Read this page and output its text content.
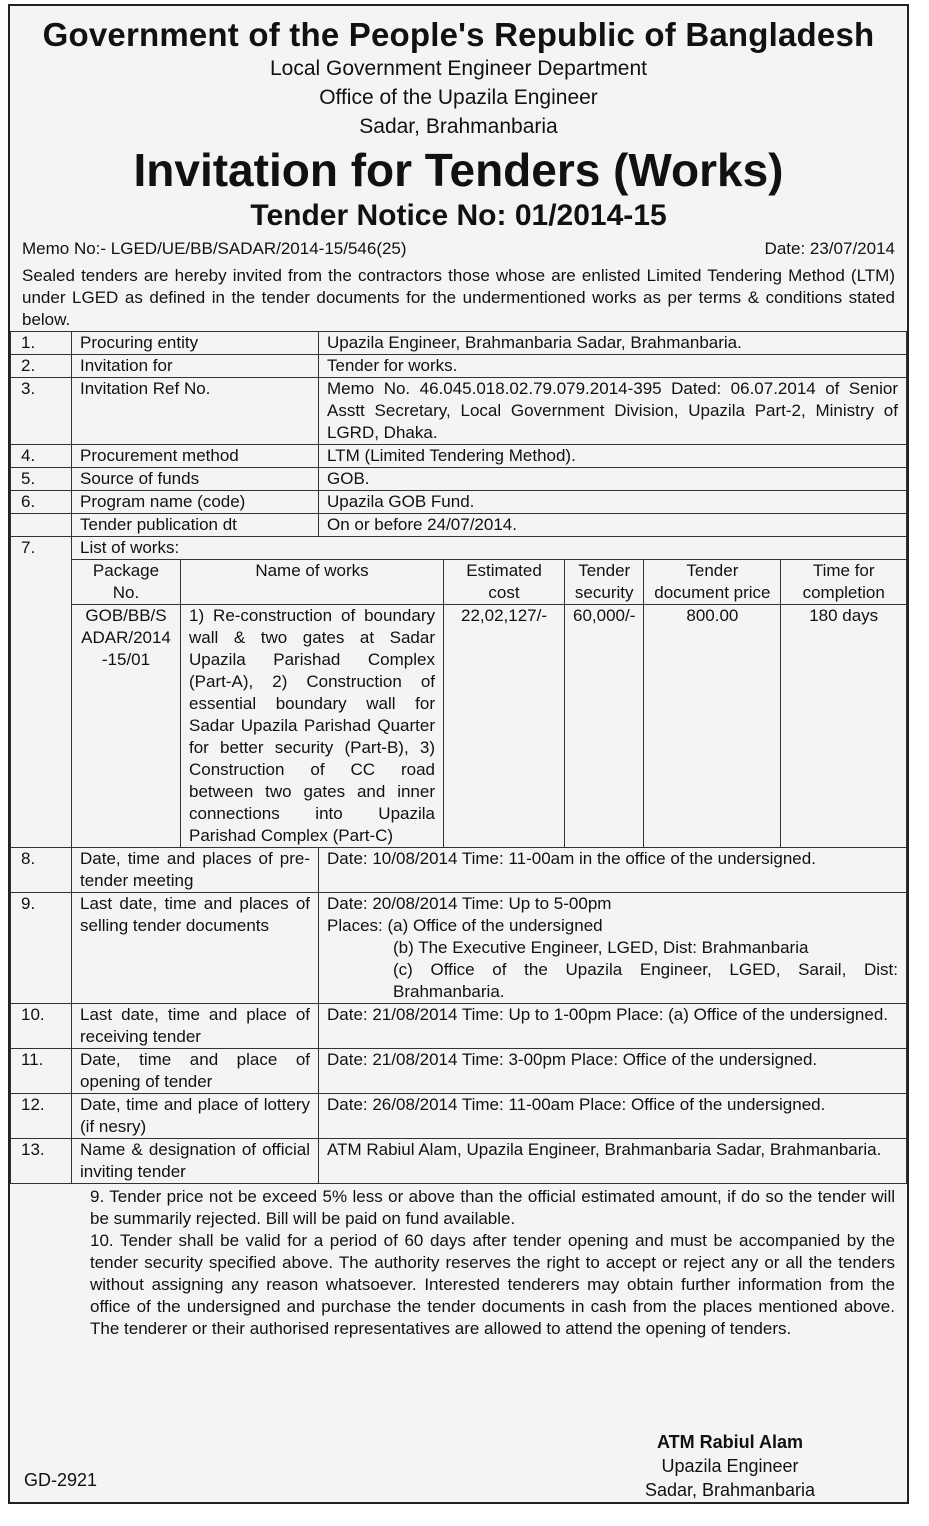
Government of the People's Republic of Bangladesh
Local Government Engineer Department
Office of the Upazila Engineer
Sadar, Brahmanbaria
Invitation for Tenders (Works)
Tender Notice No: 01/2014-15
Memo No:- LGED/UE/BB/SADAR/2014-15/546(25)	Date: 23/07/2014
Sealed tenders are hereby invited from the contractors those whose are enlisted Limited Tendering Method (LTM) under LGED as defined in the tender documents for the undermentioned works as per terms & conditions stated below.
1.	Procuring entity	Upazila Engineer, Brahmanbaria Sadar, Brahmanbaria.
2.	Invitation for	Tender for works.
3.	Invitation Ref No.	Memo No. 46.045.018.02.79.079.2014-395 Dated: 06.07.2014 of Senior Asstt Secretary, Local Government Division, Upazila Part-2, Ministry of LGRD, Dhaka.
4.	Procurement method	LTM (Limited Tendering Method).
5.	Source of funds	GOB.
6.	Program name (code)	Upazila GOB Fund.
	Tender publication dt	On or before 24/07/2014.
7.	List of works:
Package No.	Name of works	Estimated cost	Tender security	Tender document price	Time for completion
GOB/BB/SADAR/2014-15/01	1) Re-construction of boundary wall & two gates at Sadar Upazila Parishad Complex (Part-A), 2) Construction of essential boundary wall for Sadar Upazila Parishad Quarter for better security (Part-B), 3) Construction of CC road between two gates and inner connections into Upazila Parishad Complex (Part-C)	22,02,127/-	60,000/-	800.00	180 days

8.	Date, time and places of pre-tender meeting	Date: 10/08/2014 Time: 11-00am in the office of the undersigned.
9.	Last date, time and places of selling tender documents	
Date: 20/08/2014 Time: Up to 5-00pm
Places: (a) Office of the undersigned
(b) The Executive Engineer, LGED, Dist: Brahmanbaria
(c) Office of the Upazila Engineer, LGED, Sarail, Dist: Brahmanbaria.

10.	Last date, time and place of receiving tender	Date: 21/08/2014 Time: Up to 1-00pm Place: (a) Office of the undersigned.
11.	Date, time and place of opening of tender	Date: 21/08/2014 Time: 3-00pm Place: Office of the undersigned.
12.	Date, time and place of lottery (if nesry)	Date: 26/08/2014 Time: 11-00am Place: Office of the undersigned.
13.	Name & designation of official inviting tender	ATM Rabiul Alam, Upazila Engineer, Brahmanbaria Sadar, Brahmanbaria.
9. Tender price not be exceed 5% less or above than the official estimated amount, if do so the tender will be summarily rejected. Bill will be paid on fund available.
10. Tender shall be valid for a period of 60 days after tender opening and must be accompanied by the tender security specified above. The authority reserves the right to accept or reject any or all the tenders without assigning any reason whatsoever. Interested tenderers may obtain further information from the office of the undersigned and purchase the tender documents in cash from the places mentioned above. The tenderer or their authorised representatives are allowed to attend the opening of tenders.
GD-2921
ATM Rabiul Alam
Upazila Engineer
Sadar, Brahmanbaria
